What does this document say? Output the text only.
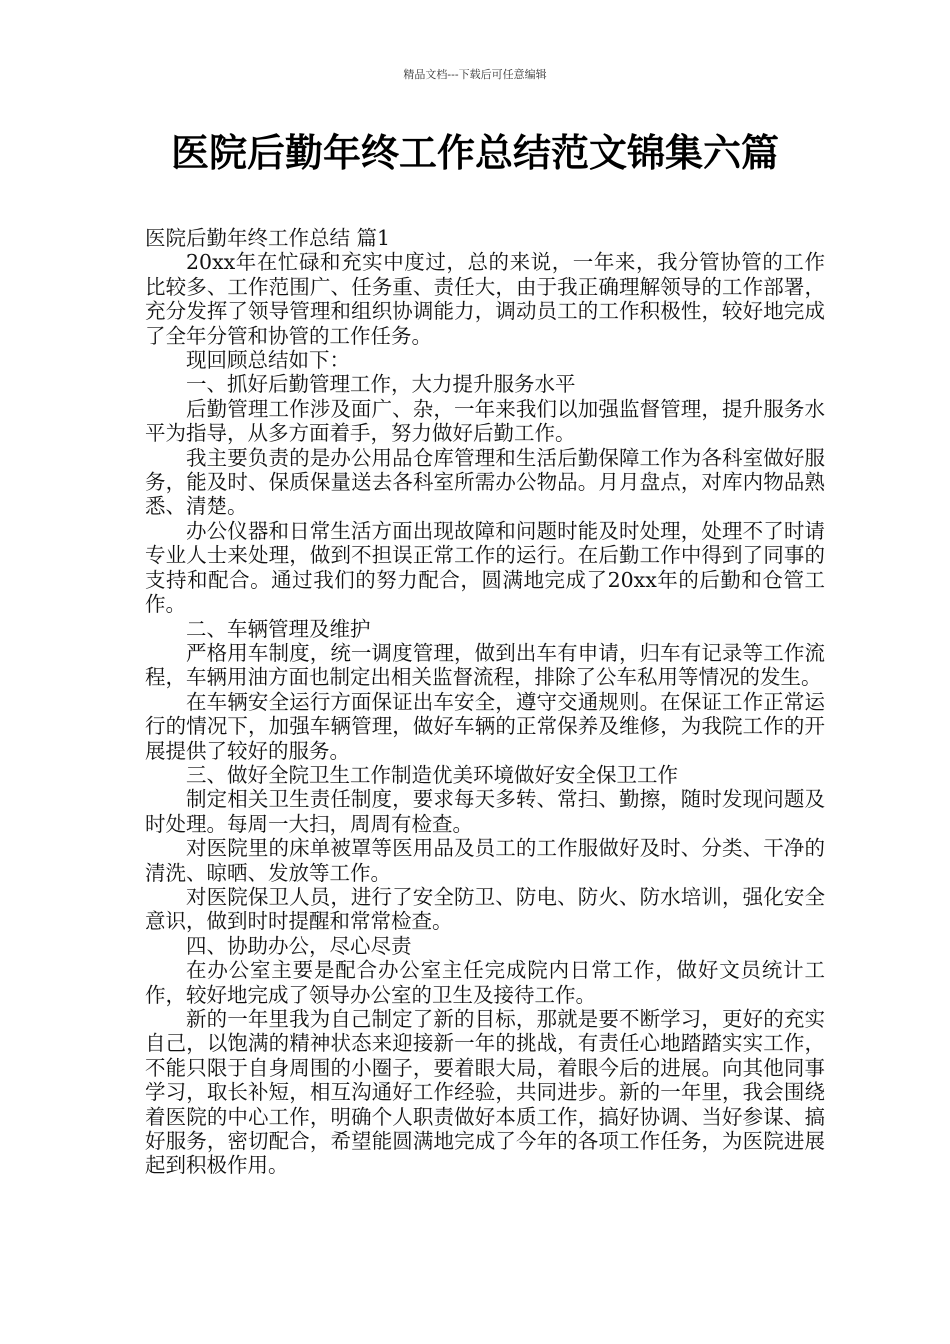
精品文档---下载后可任意编辑
医院后勤年终工作总结范文锦集六篇

医院后勤年终工作总结 篇1

20xx年在忙碌和充实中度过，总的来说，一年来，我分管协管的工作比较多、工作范围广、任务重、责任大，由于我正确理解领导的工作部署，充分发挥了领导管理和组织协调能力，调动员工的工作积极性，较好地完成了全年分管和协管的工作任务。

现回顾总结如下：

一、抓好后勤管理工作，大力提升服务水平

后勤管理工作涉及面广、杂，一年来我们以加强监督管理，提升服务水平为指导，从多方面着手，努力做好后勤工作。

我主要负责的是办公用品仓库管理和生活后勤保障工作为各科室做好服务，能及时、保质保量送去各科室所需办公物品。月月盘点，对库内物品熟悉、清楚。

办公仪器和日常生活方面出现故障和问题时能及时处理，处理不了时请专业人士来处理，做到不担误正常工作的运行。在后勤工作中得到了同事的支持和配合。通过我们的努力配合，圆满地完成了20xx年的后勤和仓管工作。

二、车辆管理及维护

严格用车制度，统一调度管理，做到出车有申请，归车有记录等工作流程，车辆用油方面也制定出相关监督流程，排除了公车私用等情况的发生。

在车辆安全运行方面保证出车安全，遵守交通规则。在保证工作正常运行的情况下，加强车辆管理，做好车辆的正常保养及维修，为我院工作的开展提供了较好的服务。

三、做好全院卫生工作制造优美环境做好安全保卫工作

制定相关卫生责任制度，要求每天多转、常扫、勤擦，随时发现问题及时处理。每周一大扫，周周有检查。

对医院里的床单被罩等医用品及员工的工作服做好及时、分类、干净的清洗、晾晒、发放等工作。

对医院保卫人员，进行了安全防卫、防电、防火、防水培训，强化安全意识，做到时时提醒和常常检查。

四、协助办公，尽心尽责

在办公室主要是配合办公室主任完成院内日常工作，做好文员统计工作，较好地完成了领导办公室的卫生及接待工作。

新的一年里我为自己制定了新的目标，那就是要不断学习，更好的充实自己，以饱满的精神状态来迎接新一年的挑战，有责任心地踏踏实实工作，不能只限于自身周围的小圈子，要着眼大局，着眼今后的进展。向其他同事学习，取长补短，相互沟通好工作经验，共同进步。新的一年里，我会围绕着医院的中心工作，明确个人职责做好本质工作，搞好协调、当好参谋、搞好服务，密切配合，希望能圆满地完成了今年的各项工作任务，为医院进展起到积极作用。
